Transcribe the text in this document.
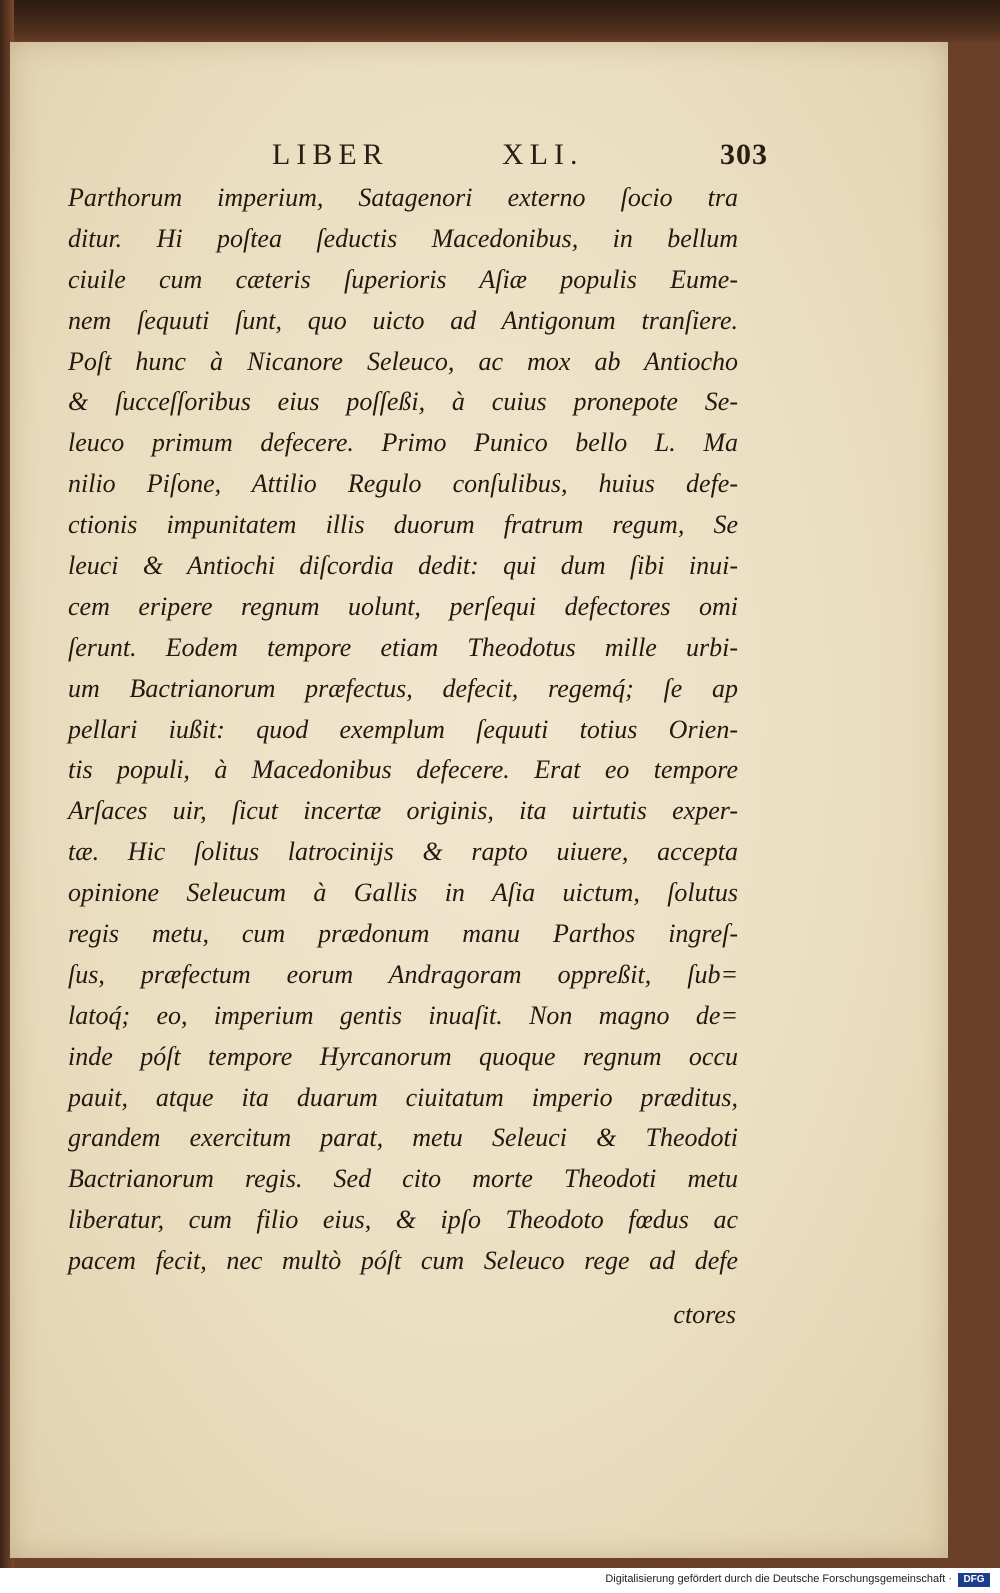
LIBER	XLI.	303
Parthorum imperium, Satagenori externo ſocio tra
ditur. Hi poſtea ſeductis Macedonibus, in bellum
ciuile cum cæteris ſuperioris Aſiæ populis Eume-
nem ſequuti ſunt, quo uicto ad Antigonum tranſiere.
Poſt hunc à Nicanore Seleuco, ac mox ab Antiocho
& ſucceſſoribus eius poſſeßi, à cuius pronepote Se-
leuco primum defecere. Primo Punico bello L. Ma
nilio Piſone, Attilio Regulo conſulibus, huius defe-
ctionis impunitatem illis duorum fratrum regum, Se
leuci & Antiochi diſcordia dedit: qui dum ſibi inui-
cem eripere regnum uolunt, perſequi defectores omi
ſerunt. Eodem tempore etiam Theodotus mille urbi-
um Bactrianorum præfectus, defecit, regemq́; ſe ap
pellari iußit: quod exemplum ſequuti totius Orien-
tis populi, à Macedonibus defecere. Erat eo tempore
Arſaces uir, ſicut incertæ originis, ita uirtutis exper-
tæ. Hic ſolitus latrocinijs & rapto uiuere, accepta
opinione Seleucum à Gallis in Aſia uictum, ſolutus
regis metu, cum prædonum manu Parthos ingreſ-
ſus, præfectum eorum Andragoram oppreßit, ſub=
latoq́; eo, imperium gentis inuaſit. Non magno de=
inde póſt tempore Hyrcanorum quoque regnum occu
pauit, atque ita duarum ciuitatum imperio præditus,
grandem exercitum parat, metu Seleuci & Theodoti
Bactrianorum regis. Sed cito morte Theodoti metu
liberatur, cum filio eius, & ipſo Theodoto fœdus ac
pacem fecit, nec multò póſt cum Seleuco rege ad defe
ctores
Digitalisierung gefördert durch die Deutsche Forschungsgemeinschaft ·	DFG
